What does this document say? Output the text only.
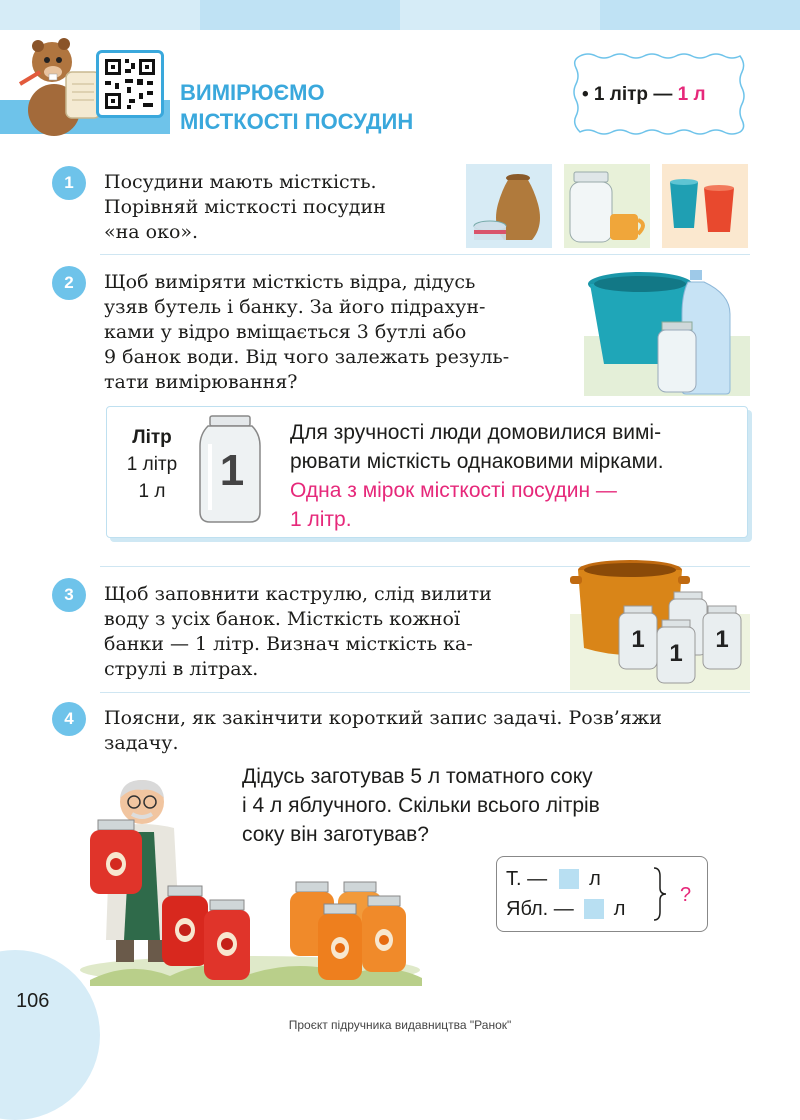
ВИМІРЮЄМО
МІСТКОСТІ ПОСУДИН
• 1 літр — 1 л
1	Посудини мають місткість.
Порівняй місткості посудин
«на око».
2	Щоб виміряти місткість відра, дідусь
узяв бутель і банку. За його підрахун-
ками у відро вміщається 3 бутлі або
9 банок води. Від чого залежать резуль-
тати вимірювання?
Літр
1 літр
1 л	1
Для зручності люди домовилися вимі-
рювати місткість однаковими мірками.
Одна з мірок місткості посудин —
1 літр.
3	Щоб заповнити каструлю, слід вилити
воду з усіх банок. Місткість кожної
банки — 1 літр. Визнач місткість ка-
струлі в літрах.
1	1
1
4	Поясни, як закінчити короткий запис задачі. Розв’яжи
задачу.
Дідусь заготував 5 л томатного соку
і 4 л яблучного. Скільки всього літрів
соку він заготував?
Т. — л
Ябл. — л
?
106
Проєкт підручника видавництва "Ранок"
